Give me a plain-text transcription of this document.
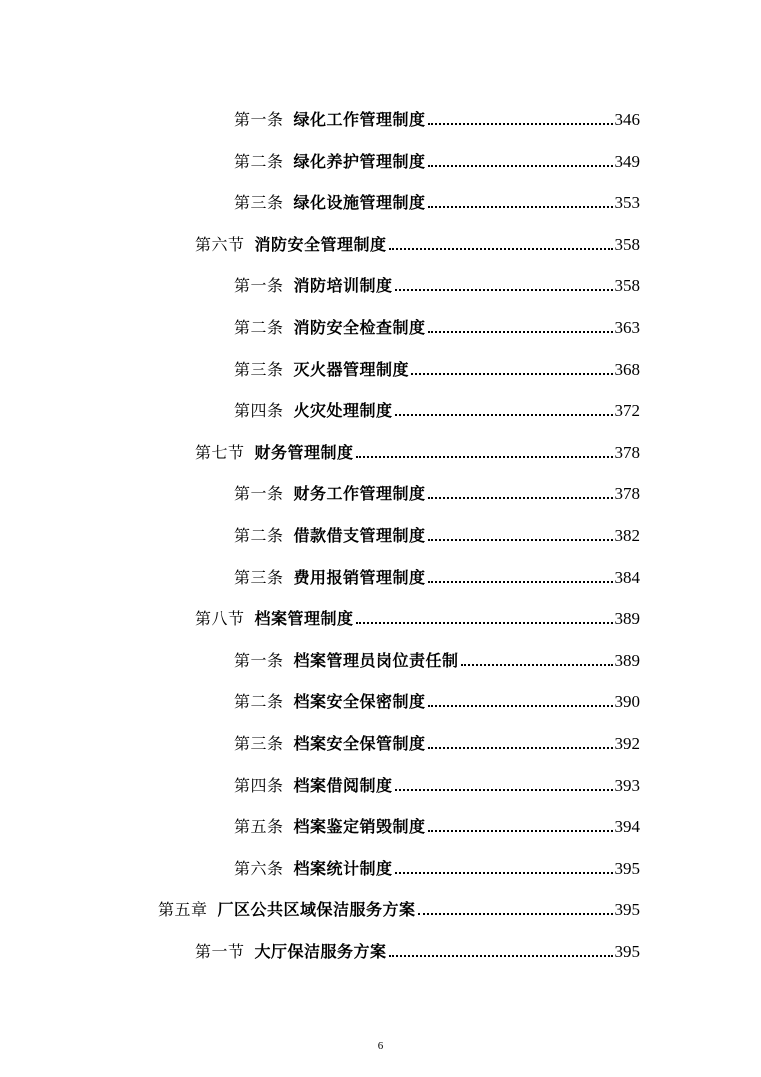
第一条 绿化工作管理制度	346
第二条 绿化养护管理制度	349
第三条 绿化设施管理制度	353
第六节 消防安全管理制度	358
第一条 消防培训制度	358
第二条 消防安全检查制度	363
第三条 灭火器管理制度	368
第四条 火灾处理制度	372
第七节 财务管理制度	378
第一条 财务工作管理制度	378
第二条 借款借支管理制度	382
第三条 费用报销管理制度	384
第八节 档案管理制度	389
第一条 档案管理员岗位责任制	389
第二条 档案安全保密制度	390
第三条 档案安全保管制度	392
第四条 档案借阅制度	393
第五条 档案鉴定销毁制度	394
第六条 档案统计制度	395
第五章 厂区公共区域保洁服务方案	395
第一节 大厅保洁服务方案	395
6
